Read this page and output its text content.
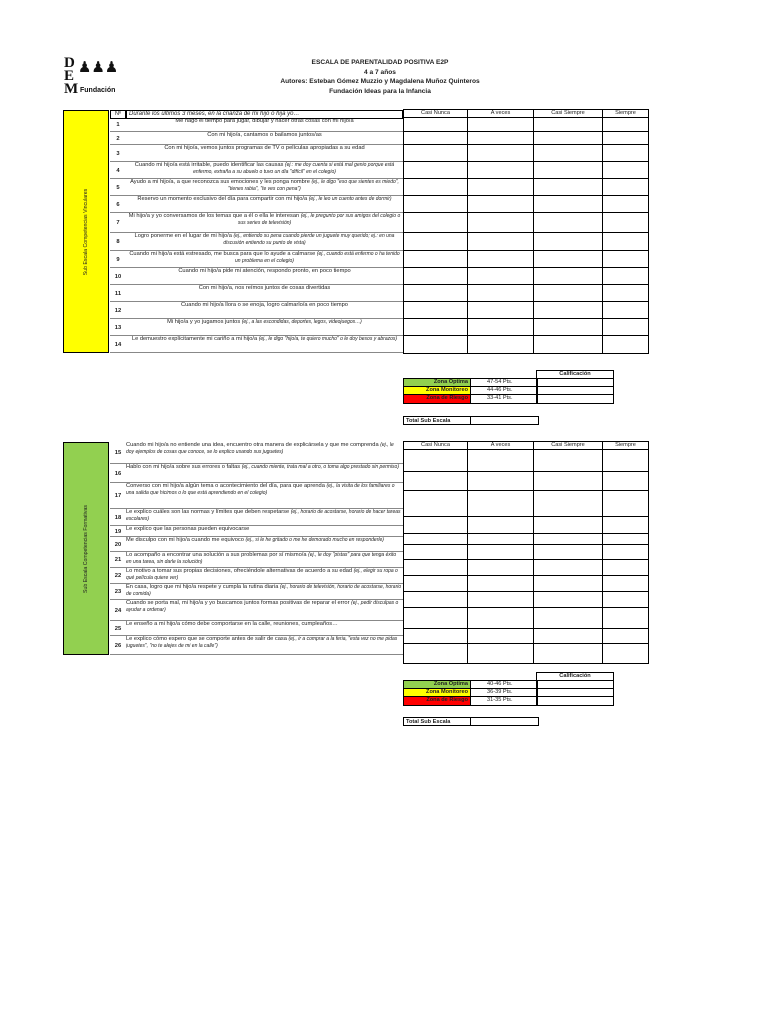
D ♟♟♟
E
M Fundación
ESCALA DE PARENTALIDAD POSITIVA E2P
4 a 7 años
Autores: Esteban Gómez Muzzio y Magdalena Muñoz Quinteros
Fundación Ideas para la Infancia
Sub Escala Competencias Vinculares
Nº	Durante los últimos 3 meses, en la crianza de mi hijo o hija yo…
1
Me hago el tiempo para jugar, dibujar y hacer otras cosas con mi hijo/a
2
Con mi hijo/a, cantamos o bailamos juntos/as
3
Con mi hijo/a, vemos juntos programas de TV o películas apropiadas a su edad
4
Cuando mi hijo/a está irritable, puedo identificar las causas (ej.: me doy cuenta si está mal genio porque está enfermo, extraña a su abuelo o tuvo un día "difícil" en el colegio)
5
Ayudo a mi hijo/a, a que reconozca sus emociones y les ponga nombre (ej., le digo "eso que sientes es miedo", "tienes rabia", "te ves con pena")
6
Reservo un momento exclusivo del día para compartir con mi hijo/a (ej., le leo un cuento antes de dormir)
7
Mi hijo/a y yo conversamos de los temas que a él o ella le interesan (ej., le pregunto por sus amigos del colegio o sus series de televisión)
8
Logro ponerme en el lugar de mi hijo/a (ej., entiendo su pena cuando pierde un juguete muy querido; ej.: en una discusión entiendo su punto de vista)
9
Cuando mi hijo/a está estresado, me busca para que lo ayude a calmarse (ej., cuando está enfermo o ha tenido un problema en el colegio)
10
Cuando mi hijo/a pide mi atención, respondo pronto, en poco tiempo
11
Con mi hijo/a, nos reímos juntos de cosas divertidas
12
Cuando mi hijo/a llora o se enoja, logro calmarlo/a en poco tiempo
13
Mi hijo/a y yo jugamos juntos (ej., a las escondidas, deportes, legos, videojuegos…)
14
Le demuestro explícitamente mi cariño a mi hijo/a (ej., le digo "hijo/a, te quiero mucho" o le doy besos y abrazos)
Casi Nunca	A veces	Casi Siempre	Siempre
Calificación
Zona Óptima	47-54 Pts.
Zona Monitoreo	44-46 Pts.
Zona de Riesgo	33-41 Pts.
Total Sub Escala
Sub Escala Competencias Formativas
15
Cuando mi hijo/a no entiende una idea, encuentro otra manera de explicársela y que me comprenda (ej., le doy ejemplos de cosas que conoce, se lo explico usando sus juguetes)
16
Hablo con mi hijo/a sobre sus errores o faltas (ej., cuando miente, trata mal a otro, o toma algo prestado sin permiso)
17
Converso con mi hijo/a algún tema o acontecimiento del día, para que aprenda (ej., la visita de los familiares o una salida que hicimos o lo que está aprendiendo en el colegio)
18
Le explico cuáles son las normas y límites que deben respetarse (ej., horario de acostarse, horario de hacer tareas escolares)
19 Le explico que las personas pueden equivocarse
20
Me disculpo con mi hijo/a cuando me equivoco (ej., si le he gritado o me he demorado mucho en responderle)
21
Lo acompaño a encontrar una solución a sus problemas por sí mismo/a (ej., le doy "pistas" para que tenga éxito en una tarea, sin darle la solución)
22
Lo motivo a tomar sus propias decisiones, ofreciéndole alternativas de acuerdo a su edad (ej., elegir su ropa o qué película quiere ver)
23
En casa, logro que mi hijo/a respete y cumpla la rutina diaria (ej., horario de televisión, horario de acostarse, horario de comida)
24
Cuando se porta mal, mi hijo/a y yo buscamos juntos formas positivas de reparar el error (ej., pedir disculpas o ayudar a ordenar)
25
Le enseño a mi hijo/a cómo debe comportarse en la calle, reuniones, cumpleaños…
26
Le explico cómo espero que se comporte antes de salir de casa (ej., ir a comprar a la feria, "esta vez no me pidas juguetes", "no te alejes de mi en la calle")
Casi Nunca	A veces	Casi Siempre	Siempre
Calificación
Zona Óptima	40-46 Pts.
Zona Monitoreo	36-39 Pts.
Zona de Riesgo	31-35 Pts.
Total Sub Escala
